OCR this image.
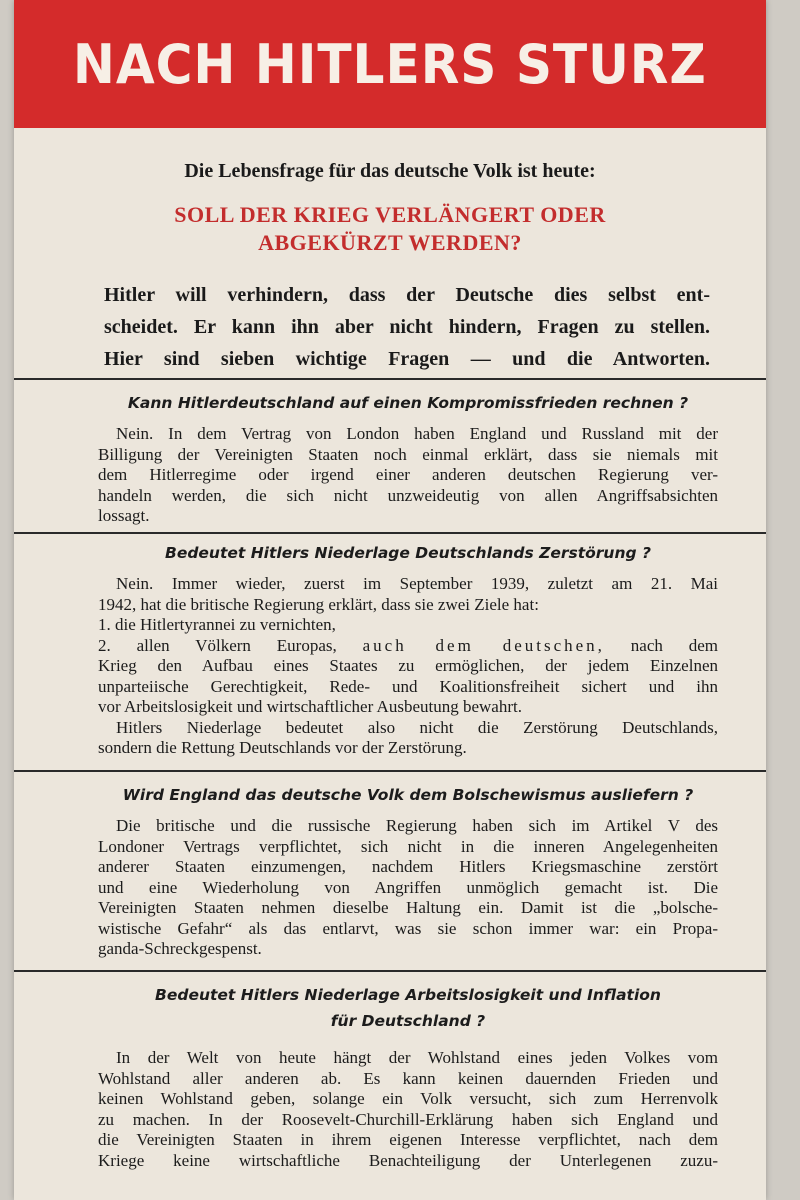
NACH HITLERS STURZ

Die Lebensfrage für das deutsche Volk ist heute:

SOLL DER KRIEG VERLÄNGERT ODER
ABGEKÜRZT WERDEN?

Hitler will verhindern, dass der Deutsche dies selbst ent-
scheidet. Er kann ihn aber nicht hindern, Fragen zu stellen.
Hier sind sieben wichtige Fragen — und die Antworten.

Kann Hitlerdeutschland auf einen Kompromissfrieden rechnen ?

Nein. In dem Vertrag von London haben England und Russland mit der
Billigung der Vereinigten Staaten noch einmal erklärt, dass sie niemals mit
dem Hitlerregime oder irgend einer anderen deutschen Regierung ver-
handeln werden, die sich nicht unzweideutig von allen Angriffsabsichten
lossagt.

Bedeutet Hitlers Niederlage Deutschlands Zerstörung ?

Nein. Immer wieder, zuerst im September 1939, zuletzt am 21. Mai
1942, hat die britische Regierung erklärt, dass sie zwei Ziele hat:
1. die Hitlertyrannei zu vernichten,
2. allen Völkern Europas, auch dem deutschen, nach dem
Krieg den Aufbau eines Staates zu ermöglichen, der jedem Einzelnen
unparteiische Gerechtigkeit, Rede- und Koalitionsfreiheit sichert und ihn
vor Arbeitslosigkeit und wirtschaftlicher Ausbeutung bewahrt.
Hitlers Niederlage bedeutet also nicht die Zerstörung Deutschlands,
sondern die Rettung Deutschlands vor der Zerstörung.

Wird England das deutsche Volk dem Bolschewismus ausliefern ?

Die britische und die russische Regierung haben sich im Artikel V des
Londoner Vertrags verpflichtet, sich nicht in die inneren Angelegenheiten
anderer Staaten einzumengen, nachdem Hitlers Kriegsmaschine zerstört
und eine Wiederholung von Angriffen unmöglich gemacht ist. Die
Vereinigten Staaten nehmen dieselbe Haltung ein. Damit ist die „bolsche-
wistische Gefahr“ als das entlarvt, was sie schon immer war: ein Propa-
ganda-Schreckgespenst.

Bedeutet Hitlers Niederlage Arbeitslosigkeit und Inflation
für Deutschland ?

In der Welt von heute hängt der Wohlstand eines jeden Volkes vom
Wohlstand aller anderen ab. Es kann keinen dauernden Frieden und
keinen Wohlstand geben, solange ein Volk versucht, sich zum Herrenvolk
zu machen. In der Roosevelt-Churchill-Erklärung haben sich England und
die Vereinigten Staaten in ihrem eigenen Interesse verpflichtet, nach dem
Kriege keine wirtschaftliche Benachteiligung der Unterlegenen zuzu-
